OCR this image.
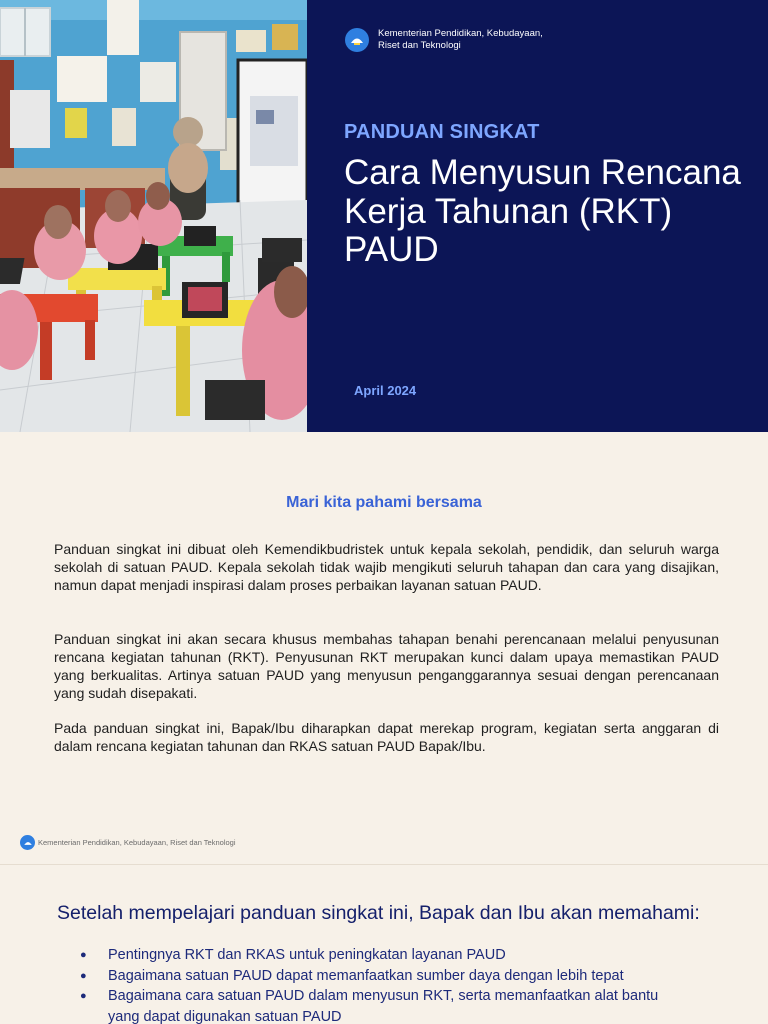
Kementerian Pendidikan, Kebudayaan,
Riset dan Teknologi
PANDUAN SINGKAT
Cara Menyusun Rencana Kerja Tahunan (RKT) PAUD
April 2024
Mari kita pahami bersama

Panduan singkat ini dibuat oleh Kemendikbudristek untuk kepala sekolah, pendidik, dan seluruh warga sekolah di satuan PAUD. Kepala sekolah tidak wajib mengikuti seluruh tahapan dan cara yang disajikan, namun dapat menjadi inspirasi dalam proses perbaikan layanan satuan PAUD.

Panduan singkat ini akan secara khusus membahas tahapan benahi perencanaan melalui penyusunan rencana kegiatan tahunan (RKT). Penyusunan RKT merupakan kunci dalam upaya memastikan PAUD yang berkualitas. Artinya satuan PAUD yang menyusun penganggarannya sesuai dengan perencanaan yang sudah disepakati.

Pada panduan singkat ini, Bapak/Ibu diharapkan dapat merekap program, kegiatan serta anggaran di dalam rencana kegiatan tahunan dan RKAS satuan PAUD Bapak/Ibu.

Kementerian Pendidikan, Kebudayaan, Riset dan Teknologi
Setelah mempelajari panduan singkat ini, Bapak dan Ibu akan memahami:
● Pentingnya RKT dan RKAS untuk peningkatan layanan PAUD
● Bagaimana satuan PAUD dapat memanfaatkan sumber daya dengan lebih tepat
● Bagaimana cara satuan PAUD dalam menyusun RKT, serta memanfaatkan alat bantu yang dapat digunakan satuan PAUD
